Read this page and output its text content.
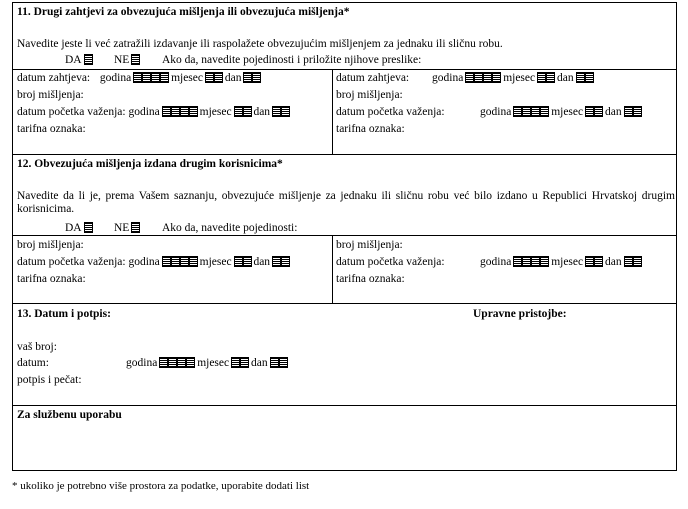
11. Drugi zahtjevi za obvezujuća mišljenja ili obvezujuća mišljenja*
Navedite jeste li već zatražili izdavanje ili raspolažete obvezujućim mišljenjem za jednaku ili sličnu robu.
DA	NE	Ako da, navedite pojedinosti i priložite njihove preslike:
datum zahtjeva: godina	mjesec dan
broj mišljenja:
datum početka važenja: godina	mjesec dan
tarifna oznaka:
datum zahtjeva: godina	mjesec dan
broj mišljenja:
datum početka važenja:	godina	mjesec dan
tarifna oznaka:
12. Obvezujuća mišljenja izdana drugim korisnicima*
Navedite da li je, prema Vašem saznanju, obvezujuće mišljenje za jednaku ili sličnu robu već bilo izdano u Republici Hrvatskoj drugim korisnicima.
DA	NE	Ako da, navedite pojedinosti:
broj mišljenja:
datum početka važenja: godina	mjesec dan
tarifna oznaka:
broj mišljenja:
datum početka važenja:	godina	mjesec dan
tarifna oznaka:
13. Datum i potpis:	Upravne pristojbe:
vaš broj:
datum:	godina	mjesec dan
potpis i pečat:
Za službenu uporabu
* ukoliko je potrebno više prostora za podatke, uporabite dodati list
